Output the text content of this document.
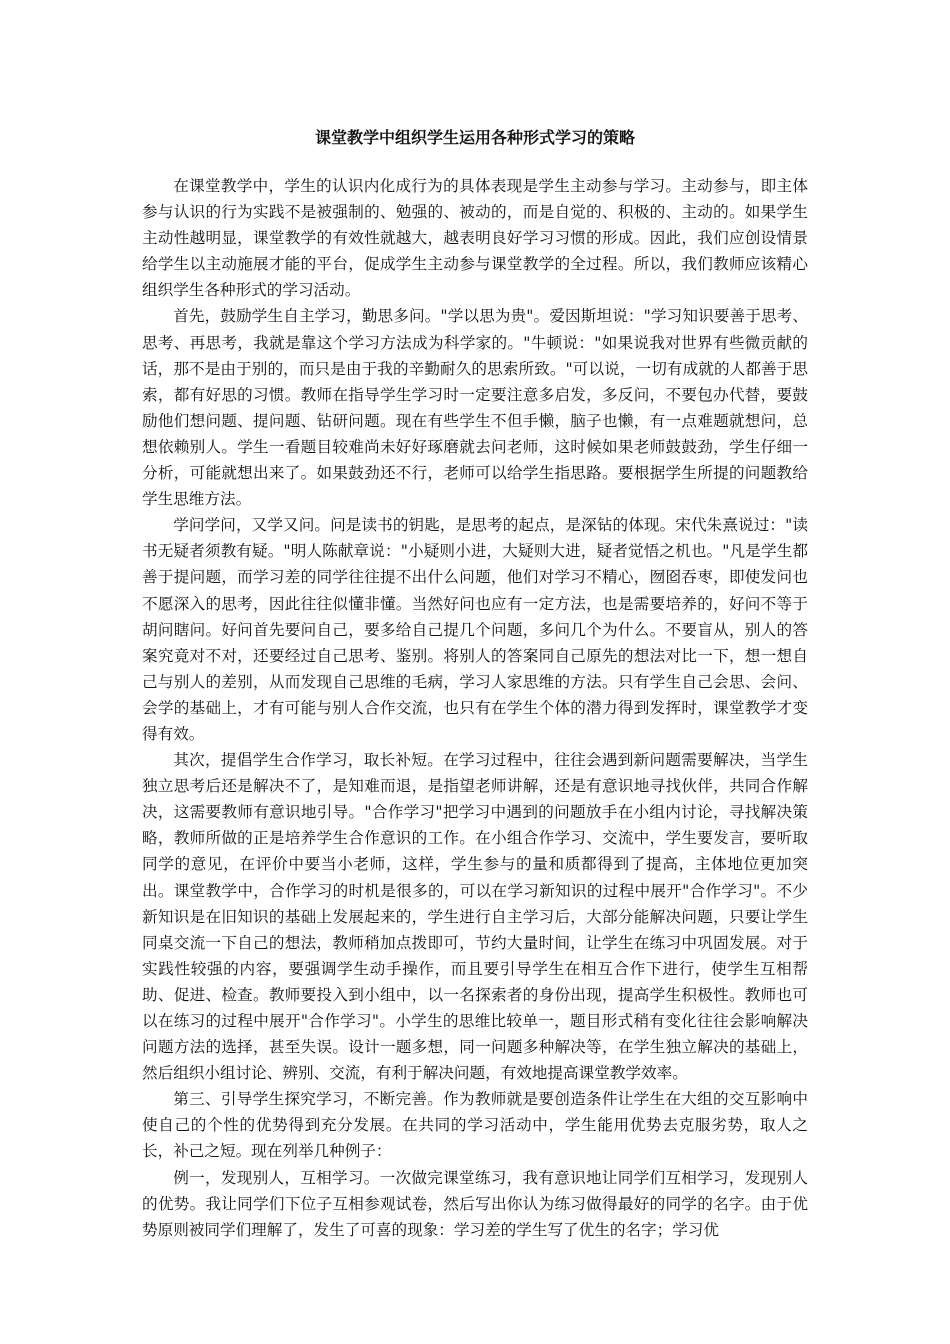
课堂教学中组织学生运用各种形式学习的策略

在课堂教学中，学生的认识内化成行为的具体表现是学生主动参与学习。主动参与，即主体参与认识的行为实践不是被强制的、勉强的、被动的，而是自觉的、积极的、主动的。如果学生主动性越明显，课堂教学的有效性就越大，越表明良好学习习惯的形成。因此，我们应创设情景给学生以主动施展才能的平台，促成学生主动参与课堂教学的全过程。所以，我们教师应该精心组织学生各种形式的学习活动。

首先，鼓励学生自主学习，勤思多问。"学以思为贵"。爱因斯坦说："学习知识要善于思考、思考、再思考，我就是靠这个学习方法成为科学家的。"牛顿说："如果说我对世界有些微贡献的话，那不是由于别的，而只是由于我的辛勤耐久的思索所致。"可以说，一切有成就的人都善于思索，都有好思的习惯。教师在指导学生学习时一定要注意多启发，多反问，不要包办代替，要鼓励他们想问题、提问题、钻研问题。现在有些学生不但手懒，脑子也懒，有一点难题就想问，总想依赖别人。学生一看题目较难尚未好好琢磨就去问老师，这时候如果老师鼓鼓劲，学生仔细一分析，可能就想出来了。如果鼓劲还不行，老师可以给学生指思路。要根据学生所提的问题教给学生思维方法。

学问学问，又学又问。问是读书的钥匙，是思考的起点，是深钻的体现。宋代朱熹说过："读书无疑者须教有疑。"明人陈献章说："小疑则小进，大疑则大进，疑者觉悟之机也。"凡是学生都善于提问题，而学习差的同学往往提不出什么问题，他们对学习不精心，囫囵吞枣，即使发问也不愿深入的思考，因此往往似懂非懂。当然好问也应有一定方法，也是需要培养的，好问不等于胡问瞎问。好问首先要问自己，要多给自己提几个问题，多问几个为什么。不要盲从，别人的答案究竟对不对，还要经过自己思考、鉴别。将别人的答案同自己原先的想法对比一下，想一想自己与别人的差别，从而发现自己思维的毛病，学习人家思维的方法。只有学生自己会思、会问、会学的基础上，才有可能与别人合作交流，也只有在学生个体的潜力得到发挥时，课堂教学才变得有效。

其次，提倡学生合作学习，取长补短。在学习过程中，往往会遇到新问题需要解决，当学生独立思考后还是解决不了，是知难而退，是指望老师讲解，还是有意识地寻找伙伴，共同合作解决，这需要教师有意识地引导。"合作学习"把学习中遇到的问题放手在小组内讨论，寻找解决策略，教师所做的正是培养学生合作意识的工作。在小组合作学习、交流中，学生要发言，要听取同学的意见，在评价中要当小老师，这样，学生参与的量和质都得到了提高，主体地位更加突出。课堂教学中，合作学习的时机是很多的，可以在学习新知识的过程中展开"合作学习"。不少新知识是在旧知识的基础上发展起来的，学生进行自主学习后，大部分能解决问题，只要让学生同桌交流一下自己的想法，教师稍加点拨即可，节约大量时间，让学生在练习中巩固发展。对于实践性较强的内容，要强调学生动手操作，而且要引导学生在相互合作下进行，使学生互相帮助、促进、检查。教师要投入到小组中，以一名探索者的身份出现，提高学生积极性。教师也可以在练习的过程中展开"合作学习"。小学生的思维比较单一，题目形式稍有变化往往会影响解决问题方法的选择，甚至失误。设计一题多想，同一问题多种解决等，在学生独立解决的基础上，然后组织小组讨论、辨别、交流，有利于解决问题，有效地提高课堂教学效率。

第三、引导学生探究学习，不断完善。作为教师就是要创造条件让学生在大组的交互影响中使自己的个性的优势得到充分发展。在共同的学习活动中，学生能用优势去克服劣势，取人之长，补己之短。现在列举几种例子：

例一，发现别人，互相学习。一次做完课堂练习，我有意识地让同学们互相学习，发现别人的优势。我让同学们下位子互相参观试卷，然后写出你认为练习做得最好的同学的名字。由于优势原则被同学们理解了，发生了可喜的现象：学习差的学生写了优生的名字；学习优
